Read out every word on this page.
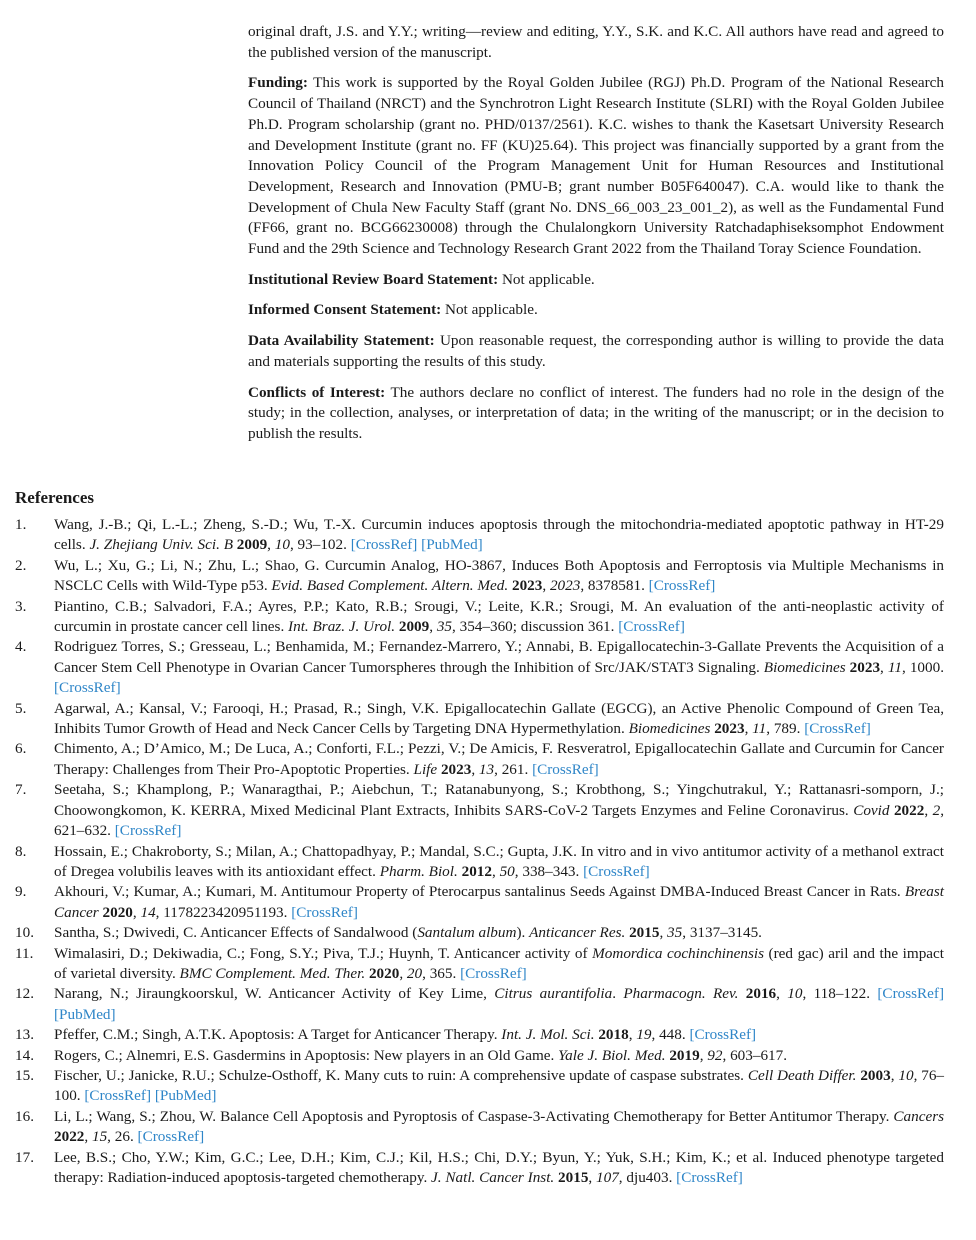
original draft, J.S. and Y.Y.; writing—review and editing, Y.Y., S.K. and K.C. All authors have read and agreed to the published version of the manuscript.

Funding: This work is supported by the Royal Golden Jubilee (RGJ) Ph.D. Program of the National Research Council of Thailand (NRCT) and the Synchrotron Light Research Institute (SLRI) with the Royal Golden Jubilee Ph.D. Program scholarship (grant no. PHD/0137/2561). K.C. wishes to thank the Kasetsart University Research and Development Institute (grant no. FF (KU)25.64). This project was financially supported by a grant from the Innovation Policy Council of the Program Management Unit for Human Resources and Institutional Development, Research and Innovation (PMU-B; grant number B05F640047). C.A. would like to thank the Development of Chula New Faculty Staff (grant No. DNS_66_003_23_001_2), as well as the Fundamental Fund (FF66, grant no. BCG66230008) through the Chulalongkorn University Ratchadaphiseksomphot Endowment Fund and the 29th Science and Technology Research Grant 2022 from the Thailand Toray Science Foundation.

Institutional Review Board Statement: Not applicable.

Informed Consent Statement: Not applicable.

Data Availability Statement: Upon reasonable request, the corresponding author is willing to provide the data and materials supporting the results of this study.

Conflicts of Interest: The authors declare no conflict of interest. The funders had no role in the design of the study; in the collection, analyses, or interpretation of data; in the writing of the manuscript; or in the decision to publish the results.

References
1. Wang, J.-B.; Qi, L.-L.; Zheng, S.-D.; Wu, T.-X. Curcumin induces apoptosis through the mitochondria-mediated apoptotic pathway in HT-29 cells. J. Zhejiang Univ. Sci. B 2009, 10, 93–102. [CrossRef] [PubMed]
2. Wu, L.; Xu, G.; Li, N.; Zhu, L.; Shao, G. Curcumin Analog, HO-3867, Induces Both Apoptosis and Ferroptosis via Multiple Mechanisms in NSCLC Cells with Wild-Type p53. Evid. Based Complement. Altern. Med. 2023, 2023, 8378581. [CrossRef]
3. Piantino, C.B.; Salvadori, F.A.; Ayres, P.P.; Kato, R.B.; Srougi, V.; Leite, K.R.; Srougi, M. An evaluation of the anti-neoplastic activity of curcumin in prostate cancer cell lines. Int. Braz. J. Urol. 2009, 35, 354–360; discussion 361. [CrossRef]
4. Rodriguez Torres, S.; Gresseau, L.; Benhamida, M.; Fernandez-Marrero, Y.; Annabi, B. Epigallocatechin-3-Gallate Prevents the Acquisition of a Cancer Stem Cell Phenotype in Ovarian Cancer Tumorspheres through the Inhibition of Src/JAK/STAT3 Signaling. Biomedicines 2023, 11, 1000. [CrossRef]
5. Agarwal, A.; Kansal, V.; Farooqi, H.; Prasad, R.; Singh, V.K. Epigallocatechin Gallate (EGCG), an Active Phenolic Compound of Green Tea, Inhibits Tumor Growth of Head and Neck Cancer Cells by Targeting DNA Hypermethylation. Biomedicines 2023, 11, 789. [CrossRef]
6. Chimento, A.; D’Amico, M.; De Luca, A.; Conforti, F.L.; Pezzi, V.; De Amicis, F. Resveratrol, Epigallocatechin Gallate and Curcumin for Cancer Therapy: Challenges from Their Pro-Apoptotic Properties. Life 2023, 13, 261. [CrossRef]
7. Seetaha, S.; Khamplong, P.; Wanaragthai, P.; Aiebchun, T.; Ratanabunyong, S.; Krobthong, S.; Yingchutrakul, Y.; Rattanasri-somporn, J.; Choowongkomon, K. KERRA, Mixed Medicinal Plant Extracts, Inhibits SARS-CoV-2 Targets Enzymes and Feline Coronavirus. Covid 2022, 2, 621–632. [CrossRef]
8. Hossain, E.; Chakroborty, S.; Milan, A.; Chattopadhyay, P.; Mandal, S.C.; Gupta, J.K. In vitro and in vivo antitumor activity of a methanol extract of Dregea volubilis leaves with its antioxidant effect. Pharm. Biol. 2012, 50, 338–343. [CrossRef]
9. Akhouri, V.; Kumar, A.; Kumari, M. Antitumour Property of Pterocarpus santalinus Seeds Against DMBA-Induced Breast Cancer in Rats. Breast Cancer 2020, 14, 1178223420951193. [CrossRef]
10. Santha, S.; Dwivedi, C. Anticancer Effects of Sandalwood (Santalum album). Anticancer Res. 2015, 35, 3137–3145.
11. Wimalasiri, D.; Dekiwadia, C.; Fong, S.Y.; Piva, T.J.; Huynh, T. Anticancer activity of Momordica cochinchinensis (red gac) aril and the impact of varietal diversity. BMC Complement. Med. Ther. 2020, 20, 365. [CrossRef]
12. Narang, N.; Jiraungkoorskul, W. Anticancer Activity of Key Lime, Citrus aurantifolia. Pharmacogn. Rev. 2016, 10, 118–122. [CrossRef] [PubMed]
13. Pfeffer, C.M.; Singh, A.T.K. Apoptosis: A Target for Anticancer Therapy. Int. J. Mol. Sci. 2018, 19, 448. [CrossRef]
14. Rogers, C.; Alnemri, E.S. Gasdermins in Apoptosis: New players in an Old Game. Yale J. Biol. Med. 2019, 92, 603–617.
15. Fischer, U.; Janicke, R.U.; Schulze-Osthoff, K. Many cuts to ruin: A comprehensive update of caspase substrates. Cell Death Differ. 2003, 10, 76–100. [CrossRef] [PubMed]
16. Li, L.; Wang, S.; Zhou, W. Balance Cell Apoptosis and Pyroptosis of Caspase-3-Activating Chemotherapy for Better Antitumor Therapy. Cancers 2022, 15, 26. [CrossRef]
17. Lee, B.S.; Cho, Y.W.; Kim, G.C.; Lee, D.H.; Kim, C.J.; Kil, H.S.; Chi, D.Y.; Byun, Y.; Yuk, S.H.; Kim, K.; et al. Induced phenotype targeted therapy: Radiation-induced apoptosis-targeted chemotherapy. J. Natl. Cancer Inst. 2015, 107, dju403. [CrossRef]
